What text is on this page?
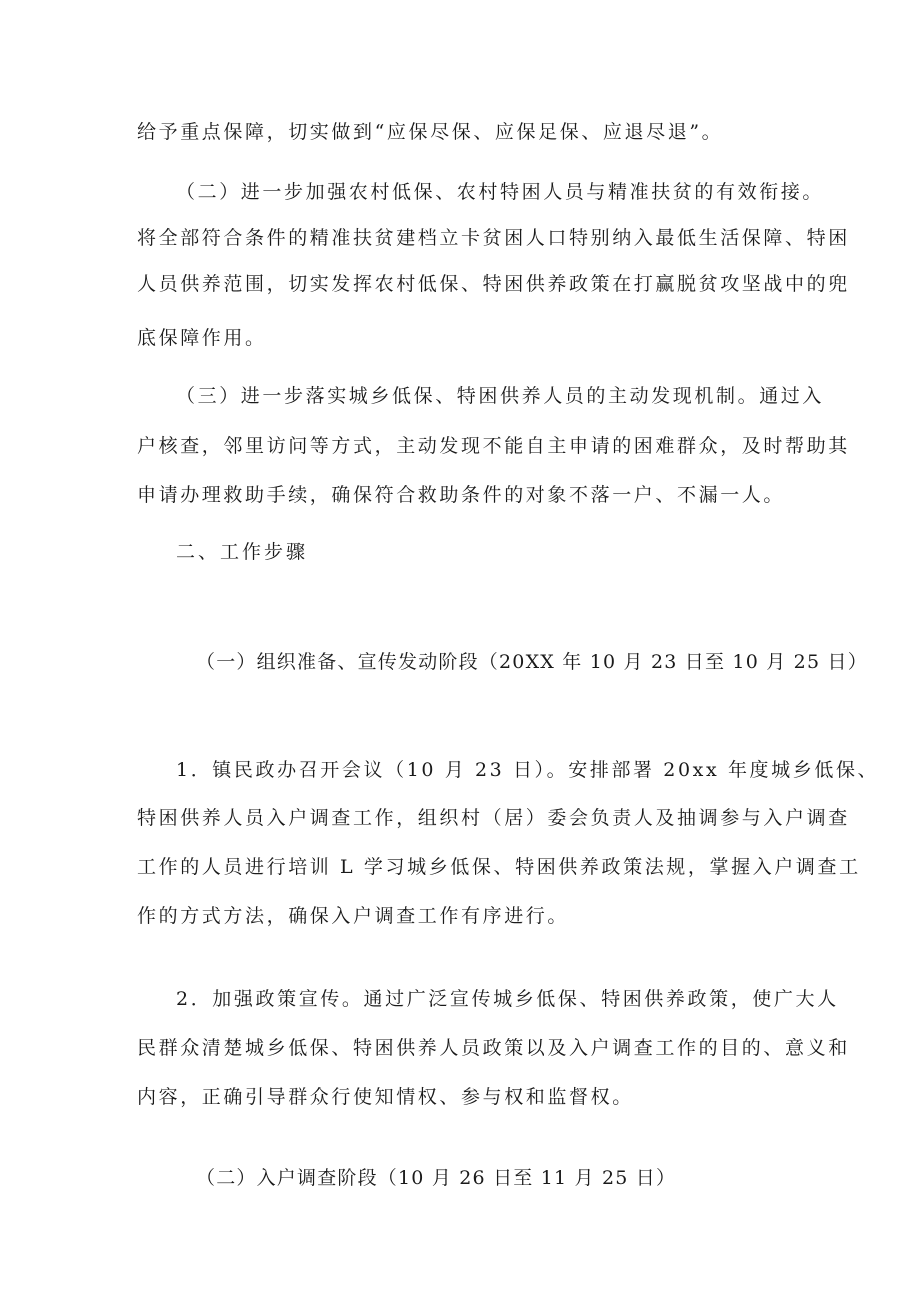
给予重点保障，切实做到“应保尽保、应保足保、应退尽退”。
（二）进一步加强农村低保、农村特困人员与精准扶贫的有效衔接。
将全部符合条件的精准扶贫建档立卡贫困人口特别纳入最低生活保障、特困
人员供养范围，切实发挥农村低保、特困供养政策在打赢脱贫攻坚战中的兜
底保障作用。
（三）进一步落实城乡低保、特困供养人员的主动发现机制。通过入
户核查，邻里访问等方式，主动发现不能自主申请的困难群众，及时帮助其
申请办理救助手续，确保符合救助条件的对象不落一户、不漏一人。
二、工作步骤
（一）组织准备、宣传发动阶段（20XX 年 10 月 23 日至 10 月 25 日）
1．镇民政办召开会议（10 月 23 日）。安排部署 20xx 年度城乡低保、
特困供养人员入户调查工作，组织村（居）委会负责人及抽调参与入户调查
工作的人员进行培训 L 学习城乡低保、特困供养政策法规，掌握入户调查工
作的方式方法，确保入户调查工作有序进行。
2．加强政策宣传。通过广泛宣传城乡低保、特困供养政策，使广大人
民群众清楚城乡低保、特困供养人员政策以及入户调查工作的目的、意义和
内容，正确引导群众行使知情权、参与权和监督权。
（二）入户调查阶段（10 月 26 日至 11 月 25 日）
